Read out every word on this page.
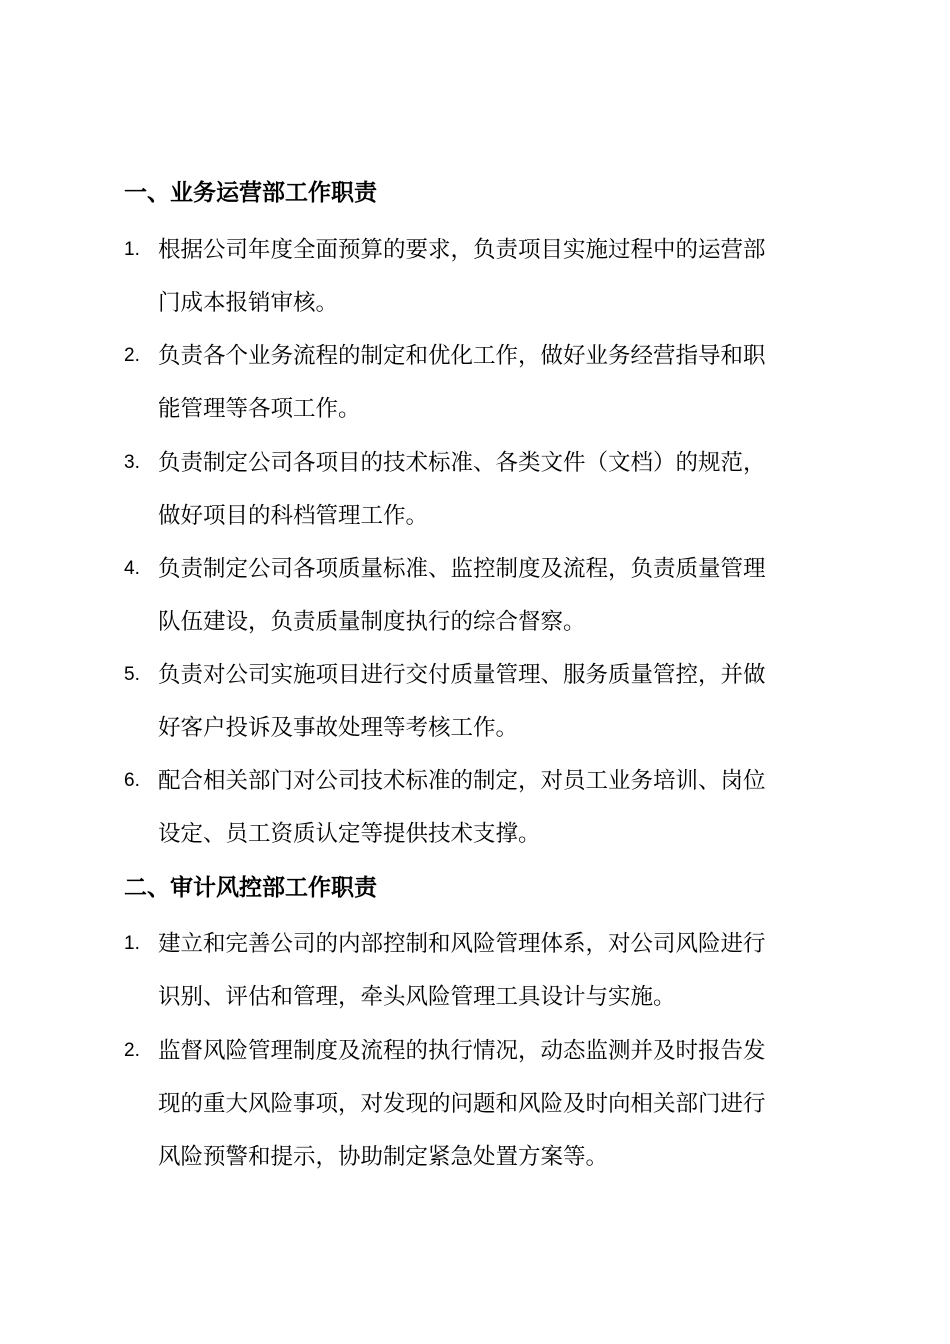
一、业务运营部工作职责
1. 根据公司年度全面预算的要求，负责项目实施过程中的运营部
门成本报销审核。
2. 负责各个业务流程的制定和优化工作，做好业务经营指导和职
能管理等各项工作。
3. 负责制定公司各项目的技术标准、各类文件（文档）的规范，
做好项目的科档管理工作。
4. 负责制定公司各项质量标准、监控制度及流程，负责质量管理
队伍建设，负责质量制度执行的综合督察。
5. 负责对公司实施项目进行交付质量管理、服务质量管控，并做
好客户投诉及事故处理等考核工作。
6. 配合相关部门对公司技术标准的制定，对员工业务培训、岗位
设定、员工资质认定等提供技术支撑。
二、审计风控部工作职责
1. 建立和完善公司的内部控制和风险管理体系，对公司风险进行
识别、评估和管理，牵头风险管理工具设计与实施。
2. 监督风险管理制度及流程的执行情况，动态监测并及时报告发
现的重大风险事项，对发现的问题和风险及时向相关部门进行
风险预警和提示，协助制定紧急处置方案等。
